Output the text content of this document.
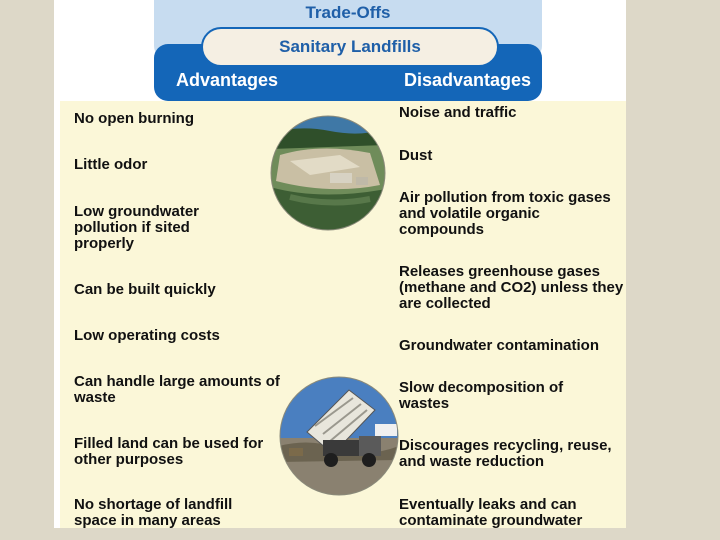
Trade-Offs
Sanitary Landfills
Advantages	Disadvantages
No open burning
Little odor
Low groundwater pollution if sited properly
Can be built quickly
Low operating costs
Can handle large amounts of waste
Filled land can be used for other purposes
No shortage of landfill space in many areas
Noise and traffic
Dust
Air pollution from toxic gases and volatile organic compounds
Releases greenhouse gases (methane and CO2) unless they are collected
Groundwater contamination
Slow decomposition of wastes
Discourages recycling, reuse, and waste reduction
Eventually leaks and can contaminate groundwater
